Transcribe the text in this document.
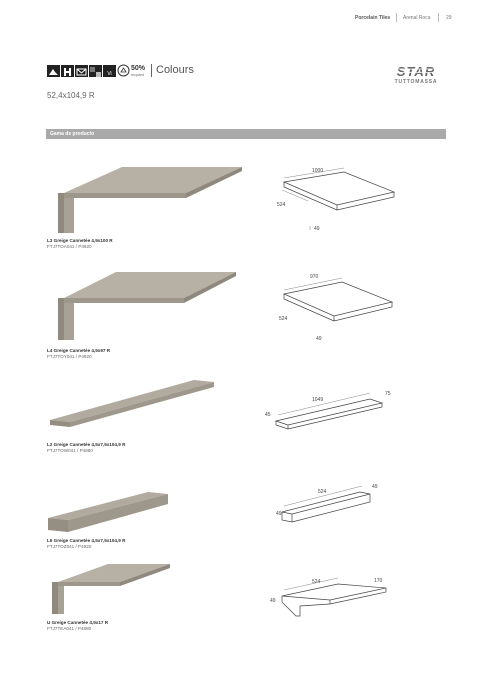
Porcelain Tiles	Arenal Roca	29
Vi
50%
recycled Colours	STAR
TUTTOMASSA
52,4x104,9 R
Gama de producto
L3 Greige Cannetée 4,9x100 R
FTJ7TOA041 / P4920
1000
524
49
L4 Greige Cannetée 4,9x97 R
FTJ7TOY041 / P4920
970
524
49
L2 Greige Cannetée 4,5x7,5x104,9 R
FTJ7TOW041 / P4880
1049
75
45
L5 Greige Cannetée 4,5x7,5x104,9 R
FTJ7TOZ041 / P4920
524
49
49
U Greige Cannetée 4,9x17 R
FTJ7TEA041 / P4880
524	170
49
